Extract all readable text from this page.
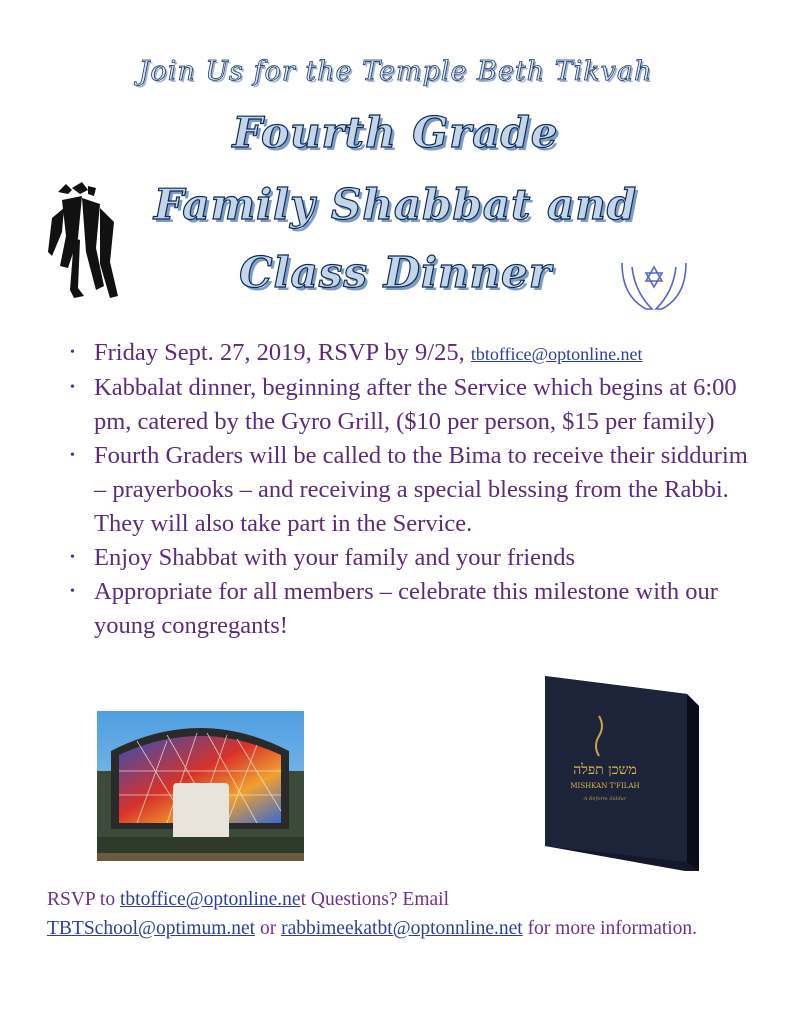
Join Us for the Temple Beth Tikvah
Fourth Grade
Family Shabbat and
Class Dinner
• Friday Sept. 27, 2019, RSVP by 9/25, tbtoffice@optonline.net
• Kabbalat dinner, beginning after the Service which begins at 6:00 pm, catered by the Gyro Grill, ($10 per person, $15 per family)
• Fourth Graders will be called to the Bima to receive their siddurim – prayerbooks – and receiving a special blessing from the Rabbi. They will also take part in the Service.
• Enjoy Shabbat with your family and your friends
• Appropriate for all members – celebrate this milestone with our young congregants!
משכן תפלה
MISHKAN T'FILAH
A Reform Siddur
RSVP to tbtoffice@optonline.net Questions? Email
TBTSchool@optimum.net or rabbimeekatbt@optonnline.net for more information.
